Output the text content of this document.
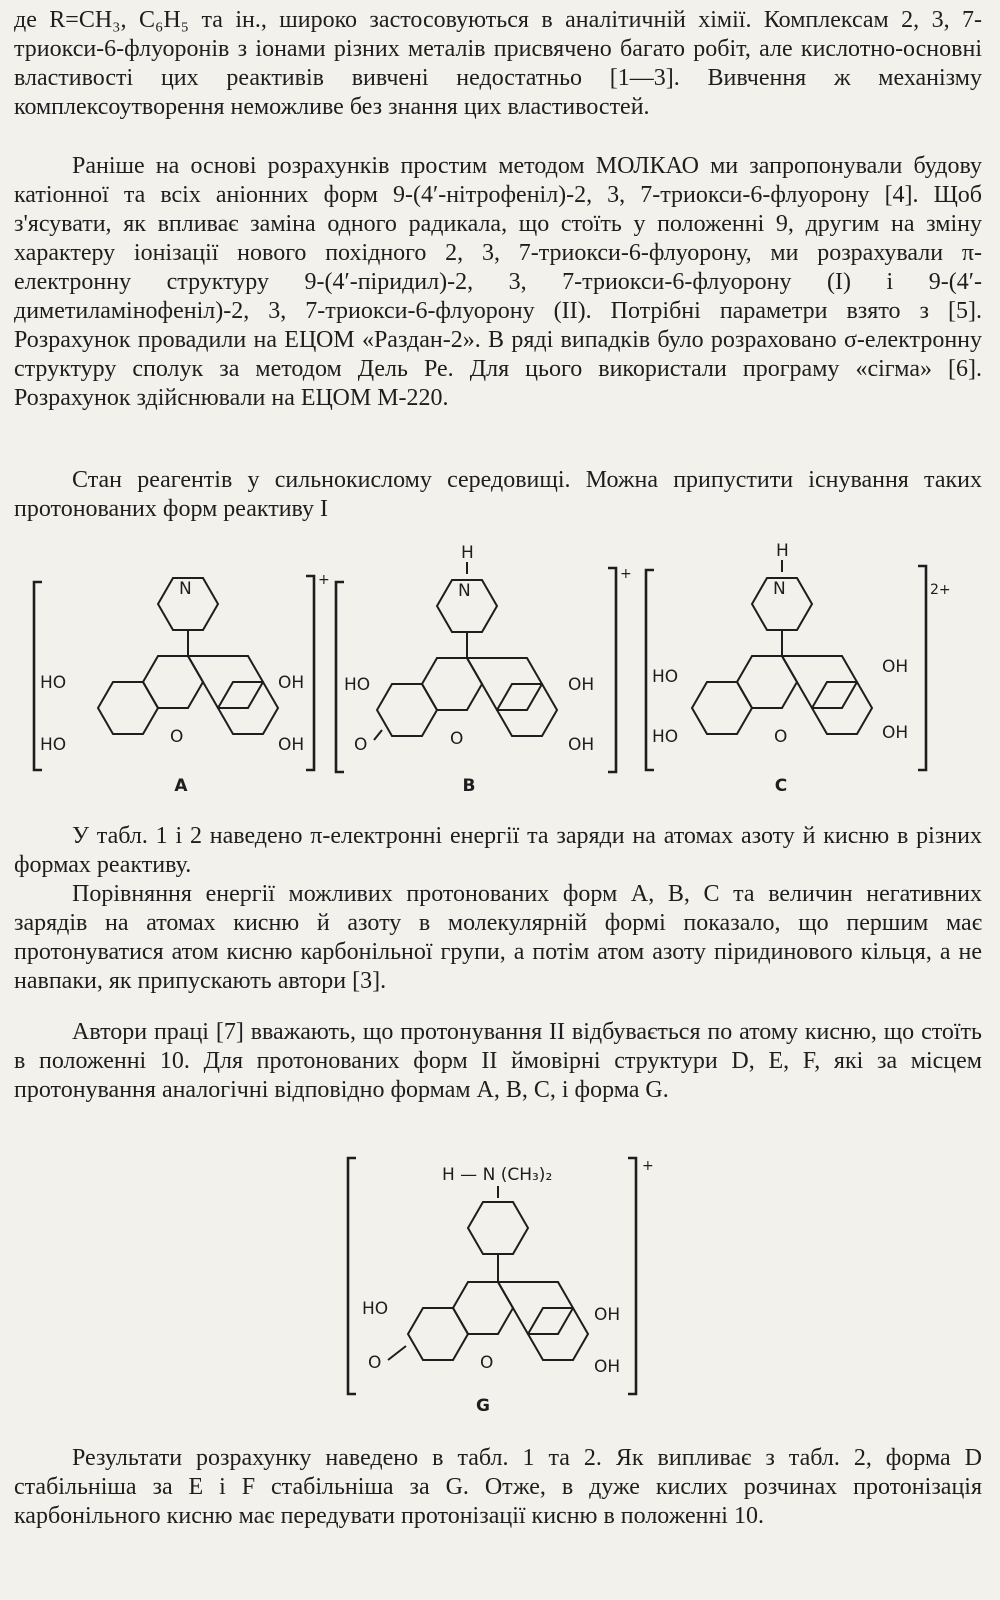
де R=CH₃, C₆H₅ та ін., широко застосовуються в аналітичній хімії. Комплексам 2, 3, 7-триокси-6-флуоронів з іонами різних металів присвячено багато робіт, але кислотно-основні властивості цих реактивів вивчені недостатньо [1—3]. Вивчення ж механізму комплексоутворення неможливе без знання цих властивостей.

Раніше на основі розрахунків простим методом МОЛКАО ми запропонували будову катіонної та всіх аніонних форм 9-(4′-нітрофеніл)-2, 3, 7-триокси-6-флуорону [4]. Щоб з'ясувати, як впливає заміна одного радикала, що стоїть у положенні 9, другим на зміну характеру іонізації нового похідного 2, 3, 7-триокси-6-флуорону, ми розрахували π-електронну структуру 9-(4′-піридил)-2, 3, 7-триокси-6-флуорону (I) і 9-(4′-диметиламінофеніл)-2, 3, 7-триокси-6-флуорону (II). Потрібні параметри взято з [5]. Розрахунок провадили на ЕЦОМ «Раздан-2». В ряді випадків було розраховано σ-електронну структуру сполук за методом Дель Ре. Для цього використали програму «сігма» [6]. Розрахунок здійснювали на ЕЦОМ М-220.

Стан реагентів у сильнокислому середовищі. Можна припустити існування таких протонованих форм реактиву I

+
N
HO
HO
OH
OH
O
A
+
H
N
HO
O
OH
OH
O
B
2+
H
N
HO
HO
OH
OH
O
C

У табл. 1 і 2 наведено π-електронні енергії та заряди на атомах азоту й кисню в різних формах реактиву.

Порівняння енергії можливих протонованих форм A, B, C та величин негативних зарядів на атомах кисню й азоту в молекулярній формі показало, що першим має протонуватися атом кисню карбонільної групи, а потім атом азоту піридинового кільця, а не навпаки, як припускають автори [3].

Автори праці [7] вважають, що протонування II відбувається по атому кисню, що стоїть в положенні 10. Для протонованих форм II ймовірні структури D, E, F, які за місцем протонування аналогічні відповідно формам A, B, C, і форма G.

+
H — N (CH₃)₂
HO
O
OH
OH
O
G

Результати розрахунку наведено в табл. 1 та 2. Як випливає з табл. 2, форма D стабільніша за E і F стабільніша за G. Отже, в дуже кислих розчинах протонізація карбонільного кисню має передувати протонізації кисню в положенні 10.
